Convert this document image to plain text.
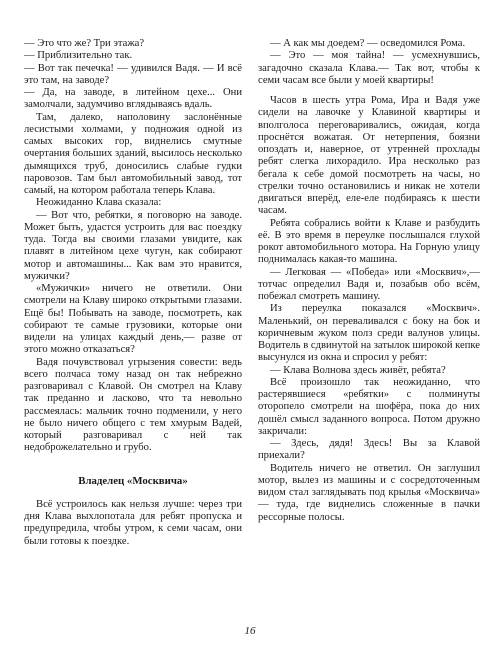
— Это что же? Три этажа?

— Приблизительно так.

— Вот так печечка! — удивился Вадя. — И всё это там, на заводе?

— Да, на заводе, в литейном цехе... Они замолчали, задумчиво вглядываясь вдаль.

Там, далеко, наполовину заслонённые лесистыми холмами, у подножия одной из самых высоких гор, виднелись смутные очертания больших зданий, высилось несколько дымящихся труб, доносились слабые гудки паровозов. Там был автомобильный завод, тот самый, на котором работала теперь Клава.

Неожиданно Клава сказала:

— Вот что, ребятки, я поговорю на заводе. Может быть, удастся устроить для вас поездку туда. Тогда вы своими глазами увидите, как плавят в литейном цехе чугун, как собирают мотор и автомашины... Как вам это нравится, мужички?

«Мужички» ничего не ответили. Они смотрели на Клаву широко открытыми глазами. Ещё бы! Побывать на заводе, посмотреть, как собирают те самые грузовики, которые они видели на улицах каждый день,— разве от этого можно отказаться?

Вадя почувствовал угрызения совести: ведь всего полчаса тому назад он так небрежно разговаривал с Клавой. Он смотрел на Клаву так преданно и ласково, что та невольно рассмеялась: мальчик точно подменили, у него не было ничего общего с тем хмурым Вадей, который разговаривал с ней так недоброжелательно и грубо.

Владелец «Москвича»

Всё устроилось как нельзя лучше: через три дня Клава выхлопотала для ребят пропуска и предупредила, чтобы утром, к семи часам, они были готовы к поездке.

— А как мы доедем? — осведомился Рома.

— Это — моя тайна! — усмехнувшись, загадочно сказала Клава.— Так вот, чтобы к семи часам все были у моей квартиры!

Часов в шесть утра Рома, Ира и Вадя уже сидели на лавочке у Клавиной квартиры и вполголоса переговаривались, ожидая, когда проснётся вожатая. От нетерпения, боязни опоздать и, наверное, от утренней прохлады ребят слегка лихорадило. Ира несколько раз бегала к себе домой посмотреть на часы, но стрелки точно остановились и никак не хотели двигаться вперёд, еле-еле подбираясь к шести часам.

Ребята собрались войти к Клаве и разбудить её. В это время в переулке послышался глухой рокот автомобильного мотора. На Горную улицу поднималась какая-то машина.

— Легковая — «Победа» или «Москвич»,— тотчас определил Вадя и, позабыв обо всём, побежал смотреть машину.

Из переулка показался «Москвич». Маленький, он переваливался с боку на бок и коричневым жуком полз среди валунов улицы. Водитель в сдвинутой на затылок широкой кепке высунулся из окна и спросил у ребят:

— Клава Волнова здесь живёт, ребята?

Всё произошло так неожиданно, что растерявшиеся «ребятки» с полминуты оторопело смотрели на шофёра, пока до них дошёл смысл заданного вопроса. Потом дружно закричали:

— Здесь, дядя! Здесь! Вы за Клавой приехали?

Водитель ничего не ответил. Он заглушил мотор, вылез из машины и с сосредоточенным видом стал заглядывать под крылья «Москвича» — туда, где виднелись сложенные в пачки рессорные полосы.

16
